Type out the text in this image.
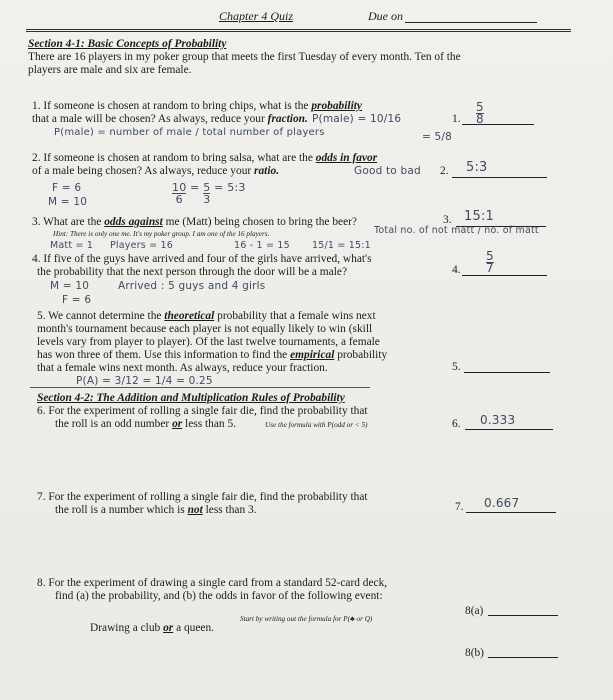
Chapter 4 Quiz	Due on
Section 4-1: Basic Concepts of Probability
There are 16 players in my poker group that meets the first Tuesday of every month. Ten of the
players are male and six are female.
1. If someone is chosen at random to bring chips, what is the probability
that a male will be chosen? As always, reduce your fraction. P(male) = 10/16	1. $\frac{5}{8}$
P(male) = number of male / total number of players	= 5/8
2. If someone is chosen at random to bring salsa, what are the odds in favor
of a male being chosen? As always, reduce your ratio.	Good to bad 2. 5:3
F = 6
M = 10	$\frac{10}{6} = \frac{5}{3}$ = 5:3
3. What are the odds against me (Matt) being chosen to bring the beer?
Hint: There is only one me. It's my poker group. I am one of the 16 players.
3. 15:1
Total no. of not matt / no. of matt
Matt = 1 Players = 16	16 - 1 = 15 15/1 = 15:1
4. If five of the guys have arrived and four of the girls have arrived, what's
the probability that the next person through the door will be a male?	4. $\frac{5}{7}$
M = 10	Arrived : 5 guys and 4 girls
F = 6
5. We cannot determine the theoretical probability that a female wins next
month's tournament because each player is not equally likely to win (skill
levels vary from player to player). Of the last twelve tournaments, a female
has won three of them. Use this information to find the empirical probability
that a female wins next month. As always, reduce your fraction.	5.
P(A) = 3/12 = 1/4 = 0.25
Section 4-2: The Addition and Multiplication Rules of Probability
6. For the experiment of rolling a single fair die, find the probability that
the roll is an odd number or less than 5.	Use the formula with P(odd or < 5)	6. 0.333
7. For the experiment of rolling a single fair die, find the probability that
the roll is a number which is not less than 3.	7. 0.667
8. For the experiment of drawing a single card from a standard 52-card deck,
find (a) the probability, and (b) the odds in favor of the following event:
Drawing a club or a queen.
Start by writing out the formula for P(♣ or Q)
8(a)
8(b)
